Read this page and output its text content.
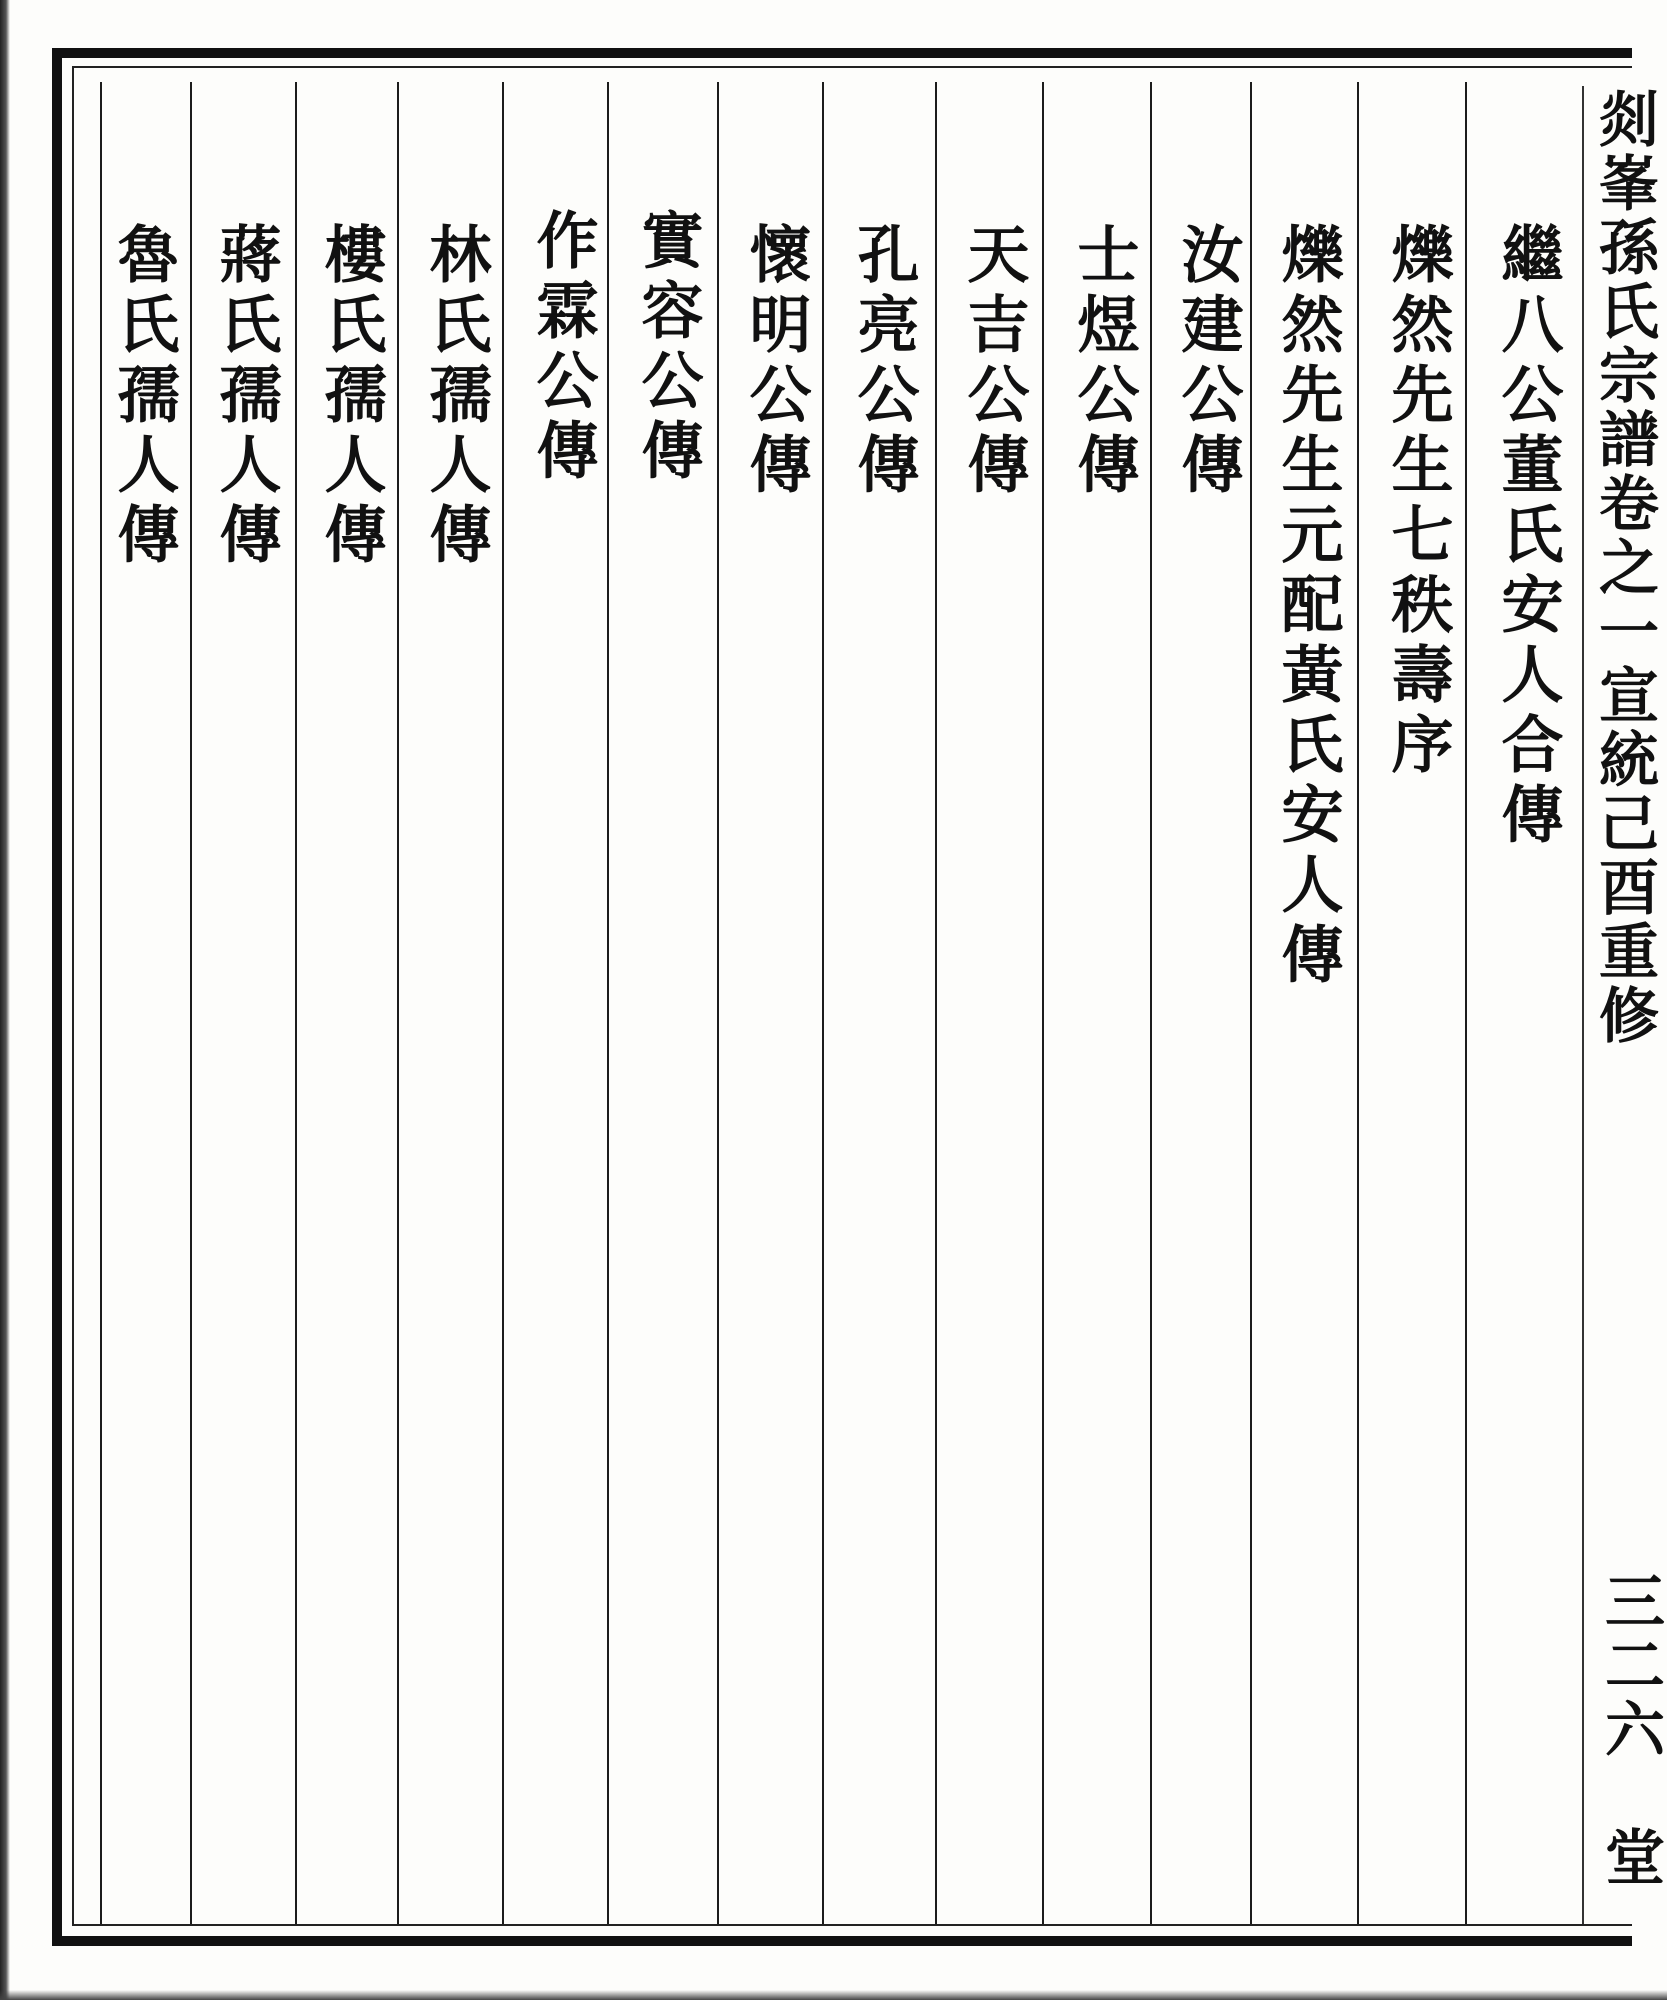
繼八公董氏安人合傳
爍然先生七秩壽序
爍然先生元配黃氏安人傳
汝建公傳
士煜公傳
天吉公傳
孔亮公傳
懷明公傳
實容公傳
作霖公傳
林氏孺人傳
樓氏孺人傳
蔣氏孺人傳
魯氏孺人傳	剡峯孫氏宗譜卷之一宣統己酉重修
三二六
堂
